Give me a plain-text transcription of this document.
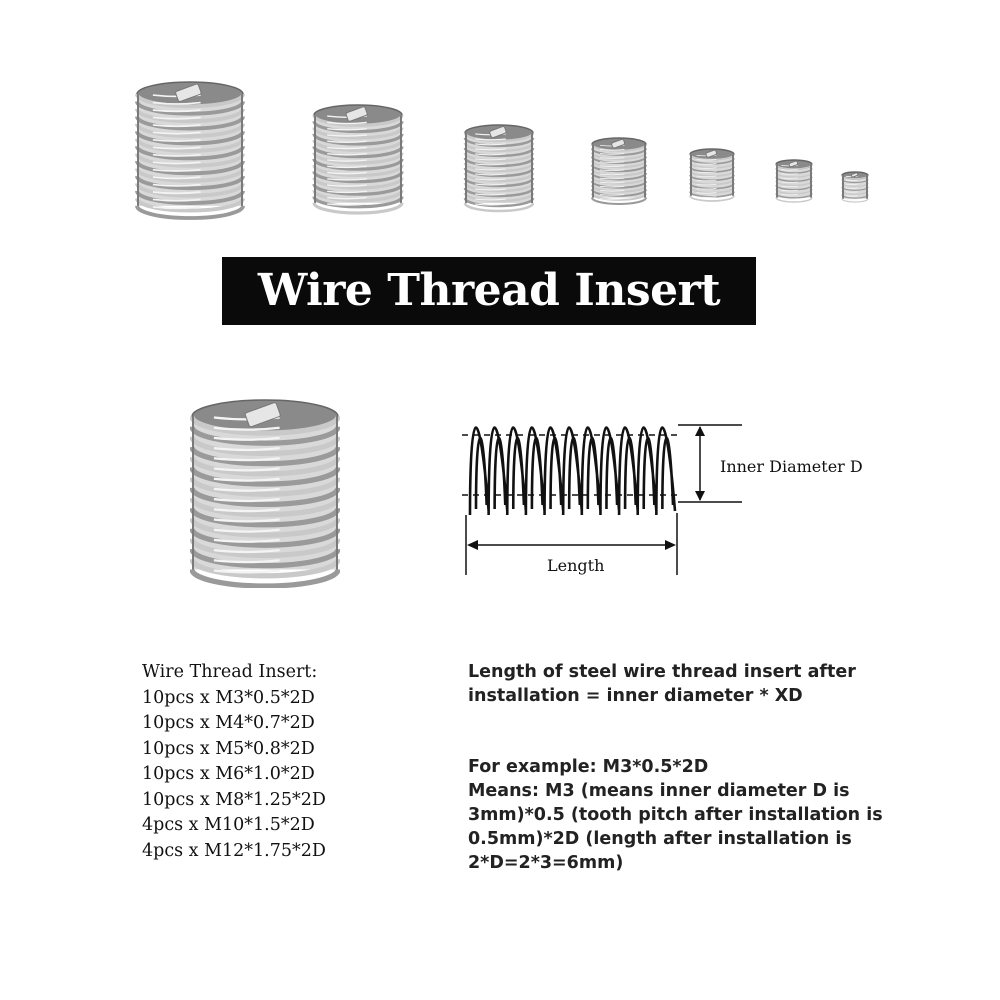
Wire Thread Insert
Inner Diameter D
Length
Wire Thread Insert:
10pcs x M3*0.5*2D
10pcs x M4*0.7*2D
10pcs x M5*0.8*2D
10pcs x M6*1.0*2D
10pcs x M8*1.25*2D
4pcs x M10*1.5*2D
4pcs x M12*1.75*2D

Length of steel wire thread insert after
installation = inner diameter * XD

For example: M3*0.5*2D
Means: M3 (means inner diameter D is
3mm)*0.5 (tooth pitch after installation is
0.5mm)*2D (length after installation is
2*D=2*3=6mm)
